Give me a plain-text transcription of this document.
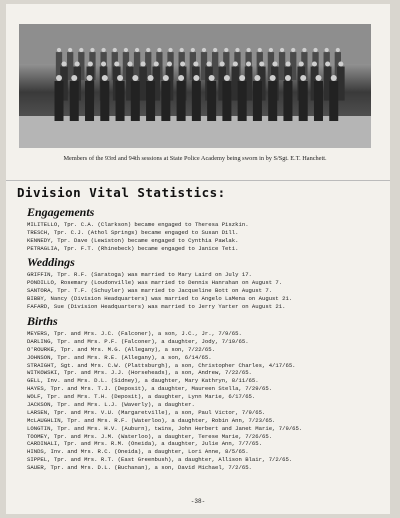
Members of the 93rd and 94th sessions at State Police Academy being sworn in by S/Sgt. E.T. Hanchett.
Division Vital Statistics:
Engagements
MILITELLO, Tpr. C.A. (Clarkson) became engaged to Theresa Piszkin.
TRESCH, Tpr. C.J. (Athol Springs) became engaged to Susan Dill.
KENNEDY, Tpr. Dave (Lewiston) became engaged to Cynthia Pawlak.
PETRAGLIA, Tpr. F.T. (Rhinebeck) became engaged to Janice Teti.
Weddings
GRIFFIN, Tpr. R.F. (Saratoga) was married to Mary Laird on July 17.
PONDILLO, Rosemary (Loudonville) was married to Dennis Hanrahan on August 7.
SANTORA, Tpr. T.F. (Schuyler) was married to Jacqueline Bott on August 7.
BIBBY, Nancy (Division Headquarters) was married to Angelo LaMena on August 21.
FAFARD, Sue (Division Headquarters) was married to Jerry Yarter on August 21.
Births
MEYERS, Tpr. and Mrs. J.C. (Falconer), a son, J.C., Jr., 7/9/65.
DARLING, Tpr. and Mrs. P.F. (Falconer), a daughter, Jody, 7/19/65.
O'ROURKE, Tpr. and Mrs. M.G. (Allegany), a son, 7/22/65.
JOHNSON, Tpr. and Mrs. R.E. (Allegany), a son, 6/14/65.
STRAIGHT, Sgt. and Mrs. C.W. (Plattsburgh), a son, Christopher Charles, 4/17/65.
WITKOWSKI, Tpr. and Mrs. J.J. (Horseheads), a son, Andrew, 7/22/65.
GELL, Inv. and Mrs. D.L. (Sidney), a daughter, Mary Kathryn, 8/11/65.
HAYES, Tpr. and Mrs. T.J. (Deposit), a daughter, Maureen Stella, 7/29/65.
WOLF, Tpr. and Mrs. T.H. (Deposit), a daughter, Lynn Marie, 6/17/65.
JACKSON, Tpr. and Mrs. L.J. (Waverly), a daughter.
LARSEN, Tpr. and Mrs. V.U. (Margaretville), a son, Paul Victor, 7/9/65.
McLAUGHLIN, Tpr. and Mrs. R.F. (Waterloo), a daughter, Robin Ann, 7/23/65.
LONGTIN, Tpr. and Mrs. H.V. (Auburn), twins, John Herbert and Janet Marie, 7/9/65.
TOOMEY, Tpr. and Mrs. J.M. (Waterloo), a daughter, Terese Marie, 7/26/65.
CARDINALI, Tpr. and Mrs. R.M. (Oneida), a daughter, Julie Ann, 7/7/65.
HINDS, Inv. and Mrs. R.C. (Oneida), a daughter, Lori Anne, 8/5/65.
SIPPEL, Tpr. and Mrs. R.T. (East Greenbush), a daughter, Allison Blair, 7/2/65.
SAUER, Tpr. and Mrs. D.L. (Buchanan), a son, David Michael, 7/2/65.
-38-
